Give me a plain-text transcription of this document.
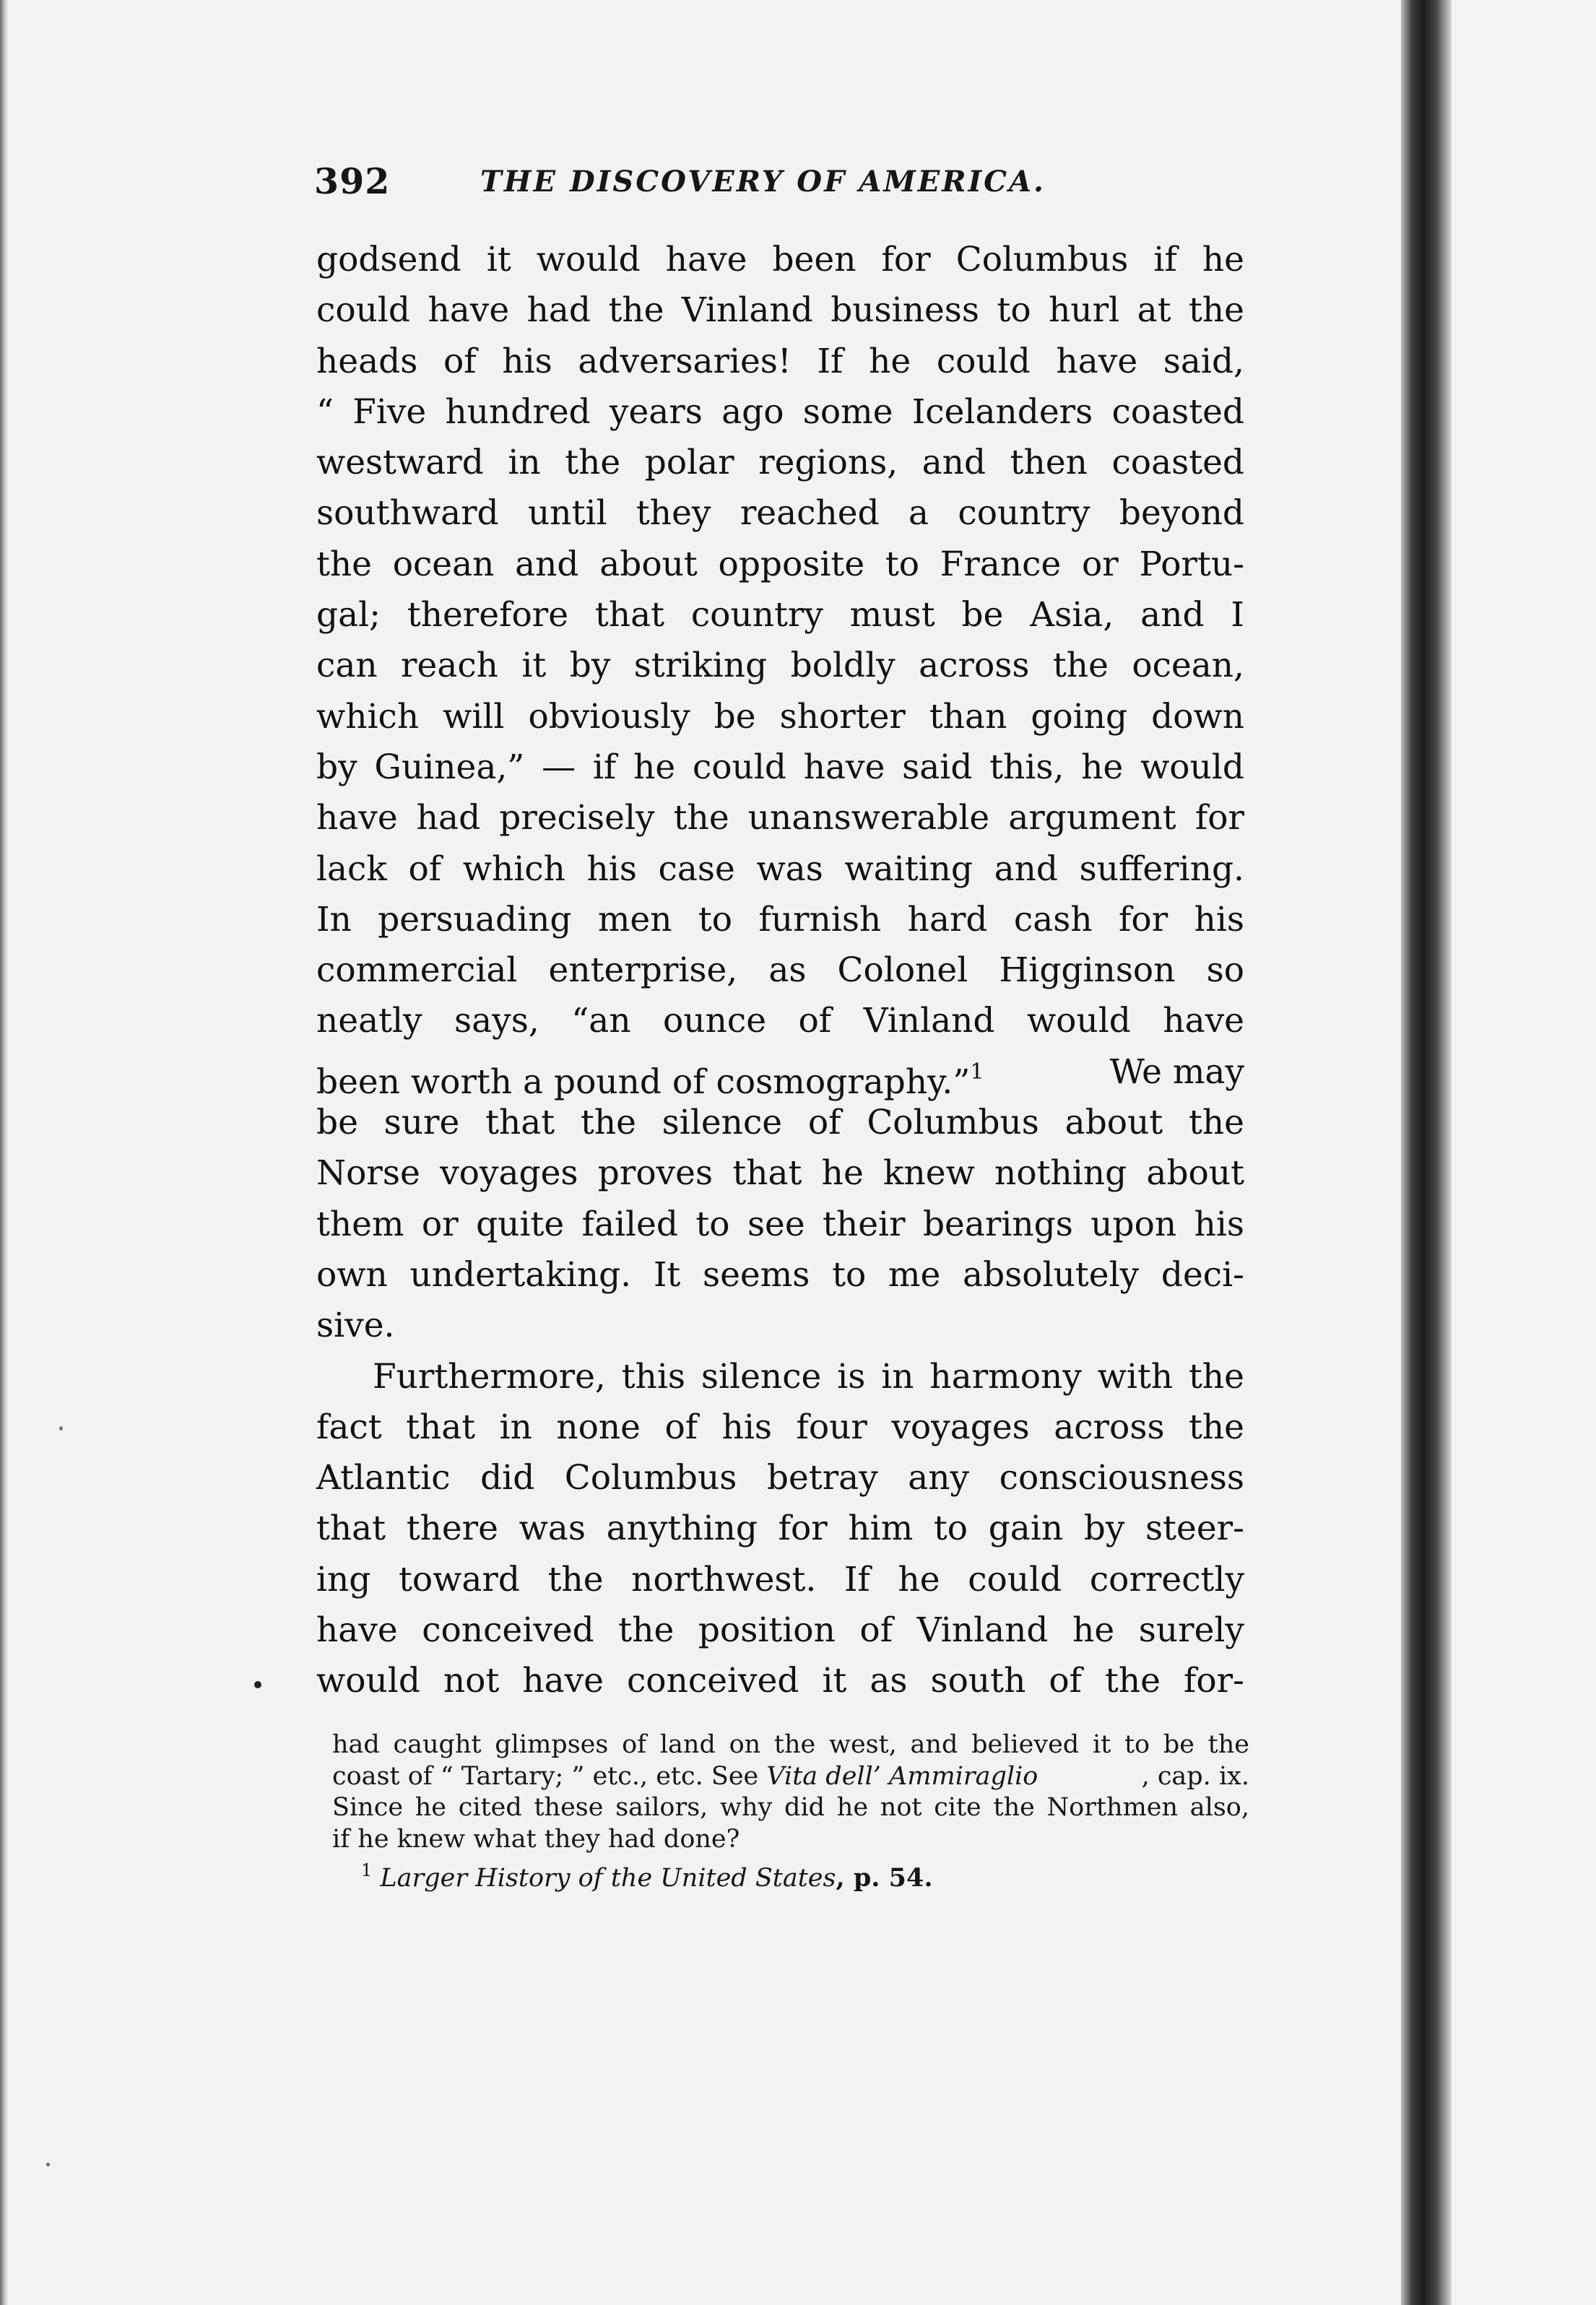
392	THE DISCOVERY OF AMERICA.
godsend it would have been for Columbus if he
could have had the Vinland business to hurl at the
heads of his adversaries! If he could have said,
“ Five hundred years ago some Icelanders coasted
westward in the polar regions, and then coasted
southward until they reached a country beyond
the ocean and about opposite to France or Portu-
gal; therefore that country must be Asia, and I
can reach it by striking boldly across the ocean,
which will obviously be shorter than going down
by Guinea,” — if he could have said this, he would
have had precisely the unanswerable argument for
lack of which his case was waiting and suffering.
In persuading men to furnish hard cash for his
commercial enterprise, as Colonel Higginson so
neatly says, “an ounce of Vinland would have
been worth a pound of cosmography.”$^1$	We may
be sure that the silence of Columbus about the
Norse voyages proves that he knew nothing about
them or quite failed to see their bearings upon his
own undertaking. It seems to me absolutely deci-
sive.
Furthermore, this silence is in harmony with the
fact that in none of his four voyages across the
Atlantic did Columbus betray any consciousness
that there was anything for him to gain by steer-
ing toward the northwest. If he could correctly
have conceived the position of Vinland he surely
would not have conceived it as south of the for-
had caught glimpses of land on the west, and believed it to be the
coast of “ Tartary; ” etc., etc. See Vita dell’ Ammiraglio	, cap. ix.
Since he cited these sailors, why did he not cite the Northmen also,
if he knew what they had done?
$^1$ Larger History of the United States, p. 54.
